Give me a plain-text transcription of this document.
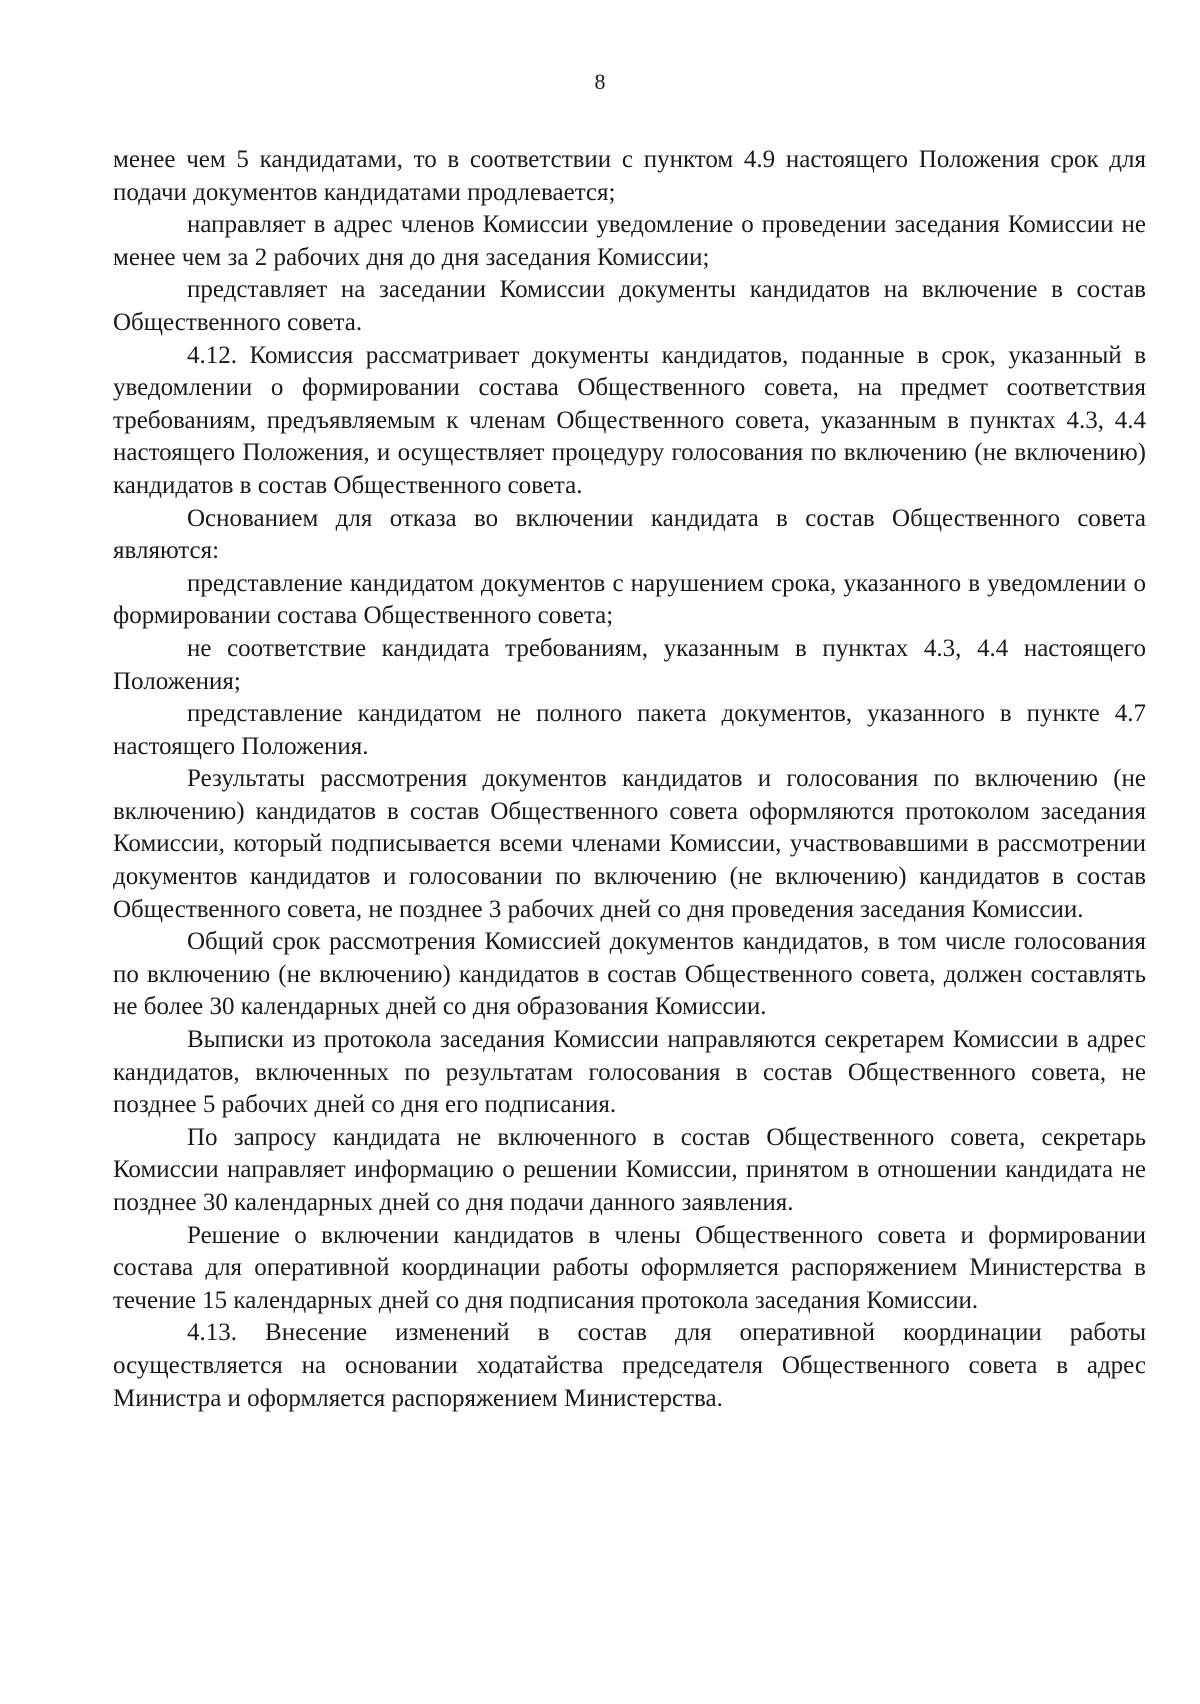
8

менее чем 5 кандидатами, то в соответствии с пунктом 4.9 настоящего Положения срок для подачи документов кандидатами продлевается;

направляет в адрес членов Комиссии уведомление о проведении заседания Комиссии не менее чем за 2 рабочих дня до дня заседания Комиссии;

представляет на заседании Комиссии документы кандидатов на включение в состав Общественного совета.

4.12. Комиссия рассматривает документы кандидатов, поданные в срок, указанный в уведомлении о формировании состава Общественного совета, на предмет соответствия требованиям, предъявляемым к членам Общественного совета, указанным в пунктах 4.3, 4.4 настоящего Положения, и осуществляет процедуру голосования по включению (не включению) кандидатов в состав Общественного совета.

Основанием для отказа во включении кандидата в состав Общественного совета являются:

представление кандидатом документов с нарушением срока, указанного в уведомлении о формировании состава Общественного совета;

не соответствие кандидата требованиям, указанным в пунктах 4.3, 4.4 настоящего Положения;

представление кандидатом не полного пакета документов, указанного в пункте 4.7 настоящего Положения.

Результаты рассмотрения документов кандидатов и голосования по включению (не включению) кандидатов в состав Общественного совета оформляются протоколом заседания Комиссии, который подписывается всеми членами Комиссии, участвовавшими в рассмотрении документов кандидатов и голосовании по включению (не включению) кандидатов в состав Общественного совета, не позднее 3 рабочих дней со дня проведения заседания Комиссии.

Общий срок рассмотрения Комиссией документов кандидатов, в том числе голосования по включению (не включению) кандидатов в состав Общественного совета, должен составлять не более 30 календарных дней со дня образования Комиссии.

Выписки из протокола заседания Комиссии направляются секретарем Комиссии в адрес кандидатов, включенных по результатам голосования в состав Общественного совета, не позднее 5 рабочих дней со дня его подписания.

По запросу кандидата не включенного в состав Общественного совета, секретарь Комиссии направляет информацию о решении Комиссии, принятом в отношении кандидата не позднее 30 календарных дней со дня подачи данного заявления.

Решение о включении кандидатов в члены Общественного совета и формировании состава для оперативной координации работы оформляется распоряжением Министерства в течение 15 календарных дней со дня подписания протокола заседания Комиссии.

4.13. Внесение изменений в состав для оперативной координации работы осуществляется на основании ходатайства председателя Общественного совета в адрес Министра и оформляется распоряжением Министерства.
